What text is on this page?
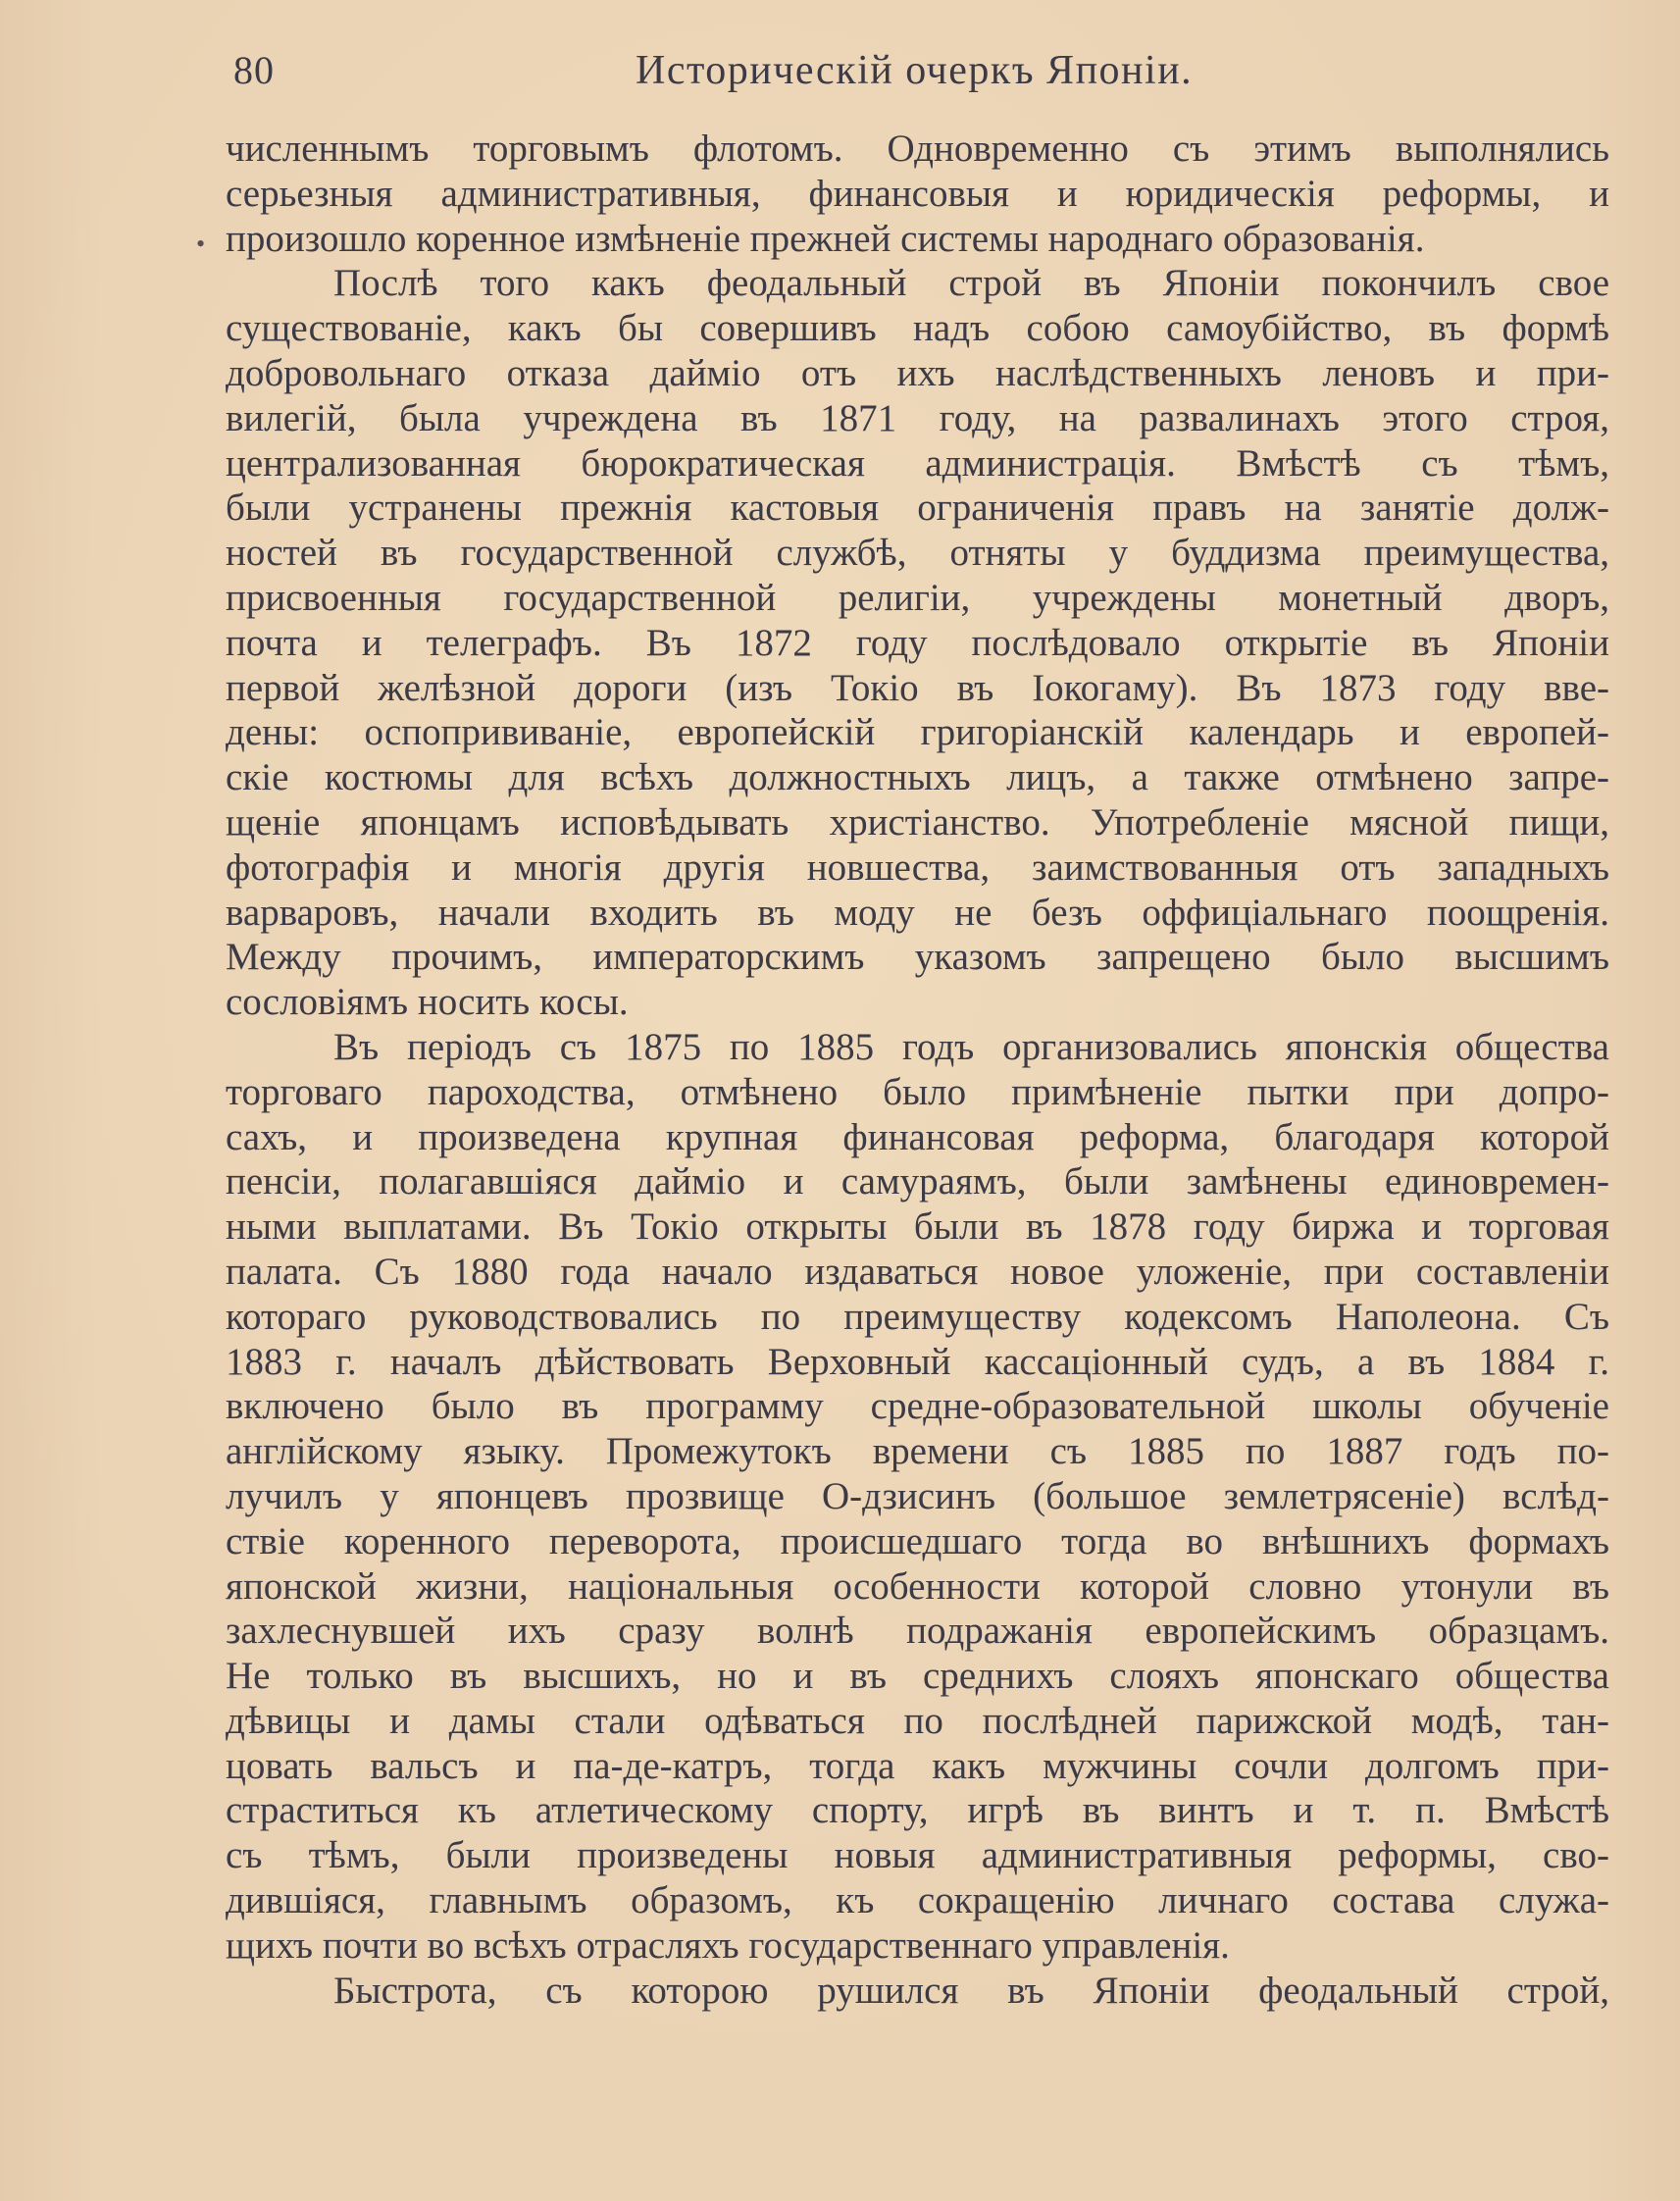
80	Историческій очеркъ Японіи.
•
численнымъ торговымъ флотомъ. Одновременно съ этимъ выполнялись
серьезныя административныя, финансовыя и юридическія реформы, и
произошло коренное измѣненіе прежней системы народнаго образованія.
Послѣ того какъ феодальный строй въ Японіи покончилъ свое
существованіе, какъ бы совершивъ надъ собою самоубійство, въ формѣ
добровольнаго отказа дайміо отъ ихъ наслѣдственныхъ леновъ и при-
вилегій, была учреждена въ 1871 году, на развалинахъ этого строя,
централизованная бюрократическая администрація. Вмѣстѣ съ тѣмъ,
были устранены прежнія кастовыя ограниченія правъ на занятіе долж-
ностей въ государственной службѣ, отняты у буддизма преимущества,
присвоенныя государственной религіи, учреждены монетный дворъ,
почта и телеграфъ. Въ 1872 году послѣдовало открытіе въ Японіи
первой желѣзной дороги (изъ Токіо въ Іокогаму). Въ 1873 году вве-
дены: оспопрививаніе, европейскій григоріанскій календарь и европей-
скіе костюмы для всѣхъ должностныхъ лицъ, а также отмѣнено запре-
щеніе японцамъ исповѣдывать христіанство. Употребленіе мясной пищи,
фотографія и многія другія новшества, заимствованныя отъ западныхъ
варваровъ, начали входить въ моду не безъ оффиціальнаго поощренія.
Между прочимъ, императорскимъ указомъ запрещено было высшимъ
сословіямъ носить косы.
Въ періодъ съ 1875 по 1885 годъ организовались японскія общества
торговаго пароходства, отмѣнено было примѣненіе пытки при допро-
сахъ, и произведена крупная финансовая реформа, благодаря которой
пенсіи, полагавшіяся дайміо и самураямъ, были замѣнены единовремен-
ными выплатами. Въ Токіо открыты были въ 1878 году биржа и торговая
палата. Съ 1880 года начало издаваться новое уложеніе, при составленіи
котораго руководствовались по преимуществу кодексомъ Наполеона. Съ
1883 г. началъ дѣйствовать Верховный кассаціонный судъ, а въ 1884 г.
включено было въ программу средне-образовательной школы обученіе
англійскому языку. Промежутокъ времени съ 1885 по 1887 годъ по-
лучилъ у японцевъ прозвище О-дзисинъ (большое землетрясеніе) вслѣд-
ствіе коренного переворота, происшедшаго тогда во внѣшнихъ формахъ
японской жизни, національныя особенности которой словно утонули въ
захлеснувшей ихъ сразу волнѣ подражанія европейскимъ образцамъ.
Не только въ высшихъ, но и въ среднихъ слояхъ японскаго общества
дѣвицы и дамы стали одѣваться по послѣдней парижской модѣ, тан-
цовать вальсъ и па-де-катръ, тогда какъ мужчины сочли долгомъ при-
страститься къ атлетическому спорту, игрѣ въ винтъ и т. п. Вмѣстѣ
съ тѣмъ, были произведены новыя административныя реформы, сво-
дившіяся, главнымъ образомъ, къ сокращенію личнаго состава служа-
щихъ почти во всѣхъ отрасляхъ государственнаго управленія.
Быстрота, съ которою рушился въ Японіи феодальный строй,
